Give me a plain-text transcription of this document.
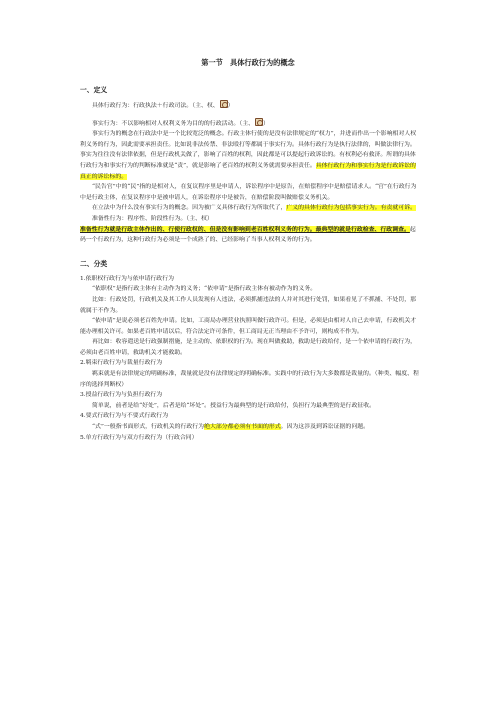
第一节　具体行政行为的概念
一、定义

具体行政行为：行政执法＋行政司法。（主、权、 ）

事实行为：不以影响相对人权利义务为目的的行政活动。（主、 ）

事实行为的概念在行政法中是一个比较宽泛的概念。行政主体行使的是没有法律规定的“权力”，并进而作出一个影响相对人权利义务的行为，因此需要承担责任。比如说非法传禁、非法殴打等都属于事实行为。具体行政行为是执行法律的，叫做法律行为。事实为往往没有法律依据，但是行政机关做了，影响了百姓的权利，因此都是可以提起行政诉讼的。有权利必有救济。所谓的具体行政行为和事实行为的判断标准就是“责”，就是影响了老百姓的权利义务就需要承担责任。具体行政行为和事实行为是行政诉讼的真正的诉讼标的。

“民告官”中的“民”指的是相对人，在复议程序里是申请人，诉讼程序中是原告，在赔偿程序中是赔偿请求人。“官”在行政行为中是行政主体，在复议程序中是被申请人，在诉讼程序中是被告，在赔偿阶段叫做赔偿义务机关。

在立法中为什么没有事实行为的概念。因为被广义具体行政行为所取代了，广义的具体行政行为包括事实行为。有责就可诉。

准备性行为：程序性、阶段性行为。（主、权）

准备性行为就是行政主体作出的、行使行政权的、但是没有影响到老百姓权利义务的行为。最典型的就是行政检查、行政调查。起码一个行政行为，这种行政行为必须是一个成熟了的、已经影响了当事人权利义务的行为。

二、分类

1.依职权行政行为与依申请行政行为

“依职权”是指行政主体有主动作为的义务；“依申请”是指行政主体有被动作为的义务。

比如：行政处罚，行政机关及其工作人员发现有人违法，必须抓捕违法的人并对其进行处罚，如果看见了不抓捕、不处罚，那就属于不作为。

“依申请”是说必须老百姓先申请。比如，工商局办理营业执照叫做行政许可。但是，必须是由相对人自己去申请，行政机关才能办理相关许可。如果老百姓申请以后，符合法定许可条件，但工商局无正当理由不予许可，则构成不作为。

再比如：收容遣送是行政强制措施，是主动的、依职权的行为。现在叫做救助，救助是行政给付，是一个依申请的行政行为，必须由老百姓申请，救助机关才能救助。

2.羁束行政行为与裁量行政行为

羁束就是有法律规定的明确标准，裁量就是没有法律规定的明确标准。实践中的行政行为大多数都是裁量的。（种类、幅度、程序的选择判断权）

3.授益行政行为与负担行政行为

简单说，前者是给“好处”，后者是给“坏处”。授益行为最典型的是行政给付，负担行为最典型的是行政征收。

4.要式行政行为与不要式行政行为

“式”一般指书面形式，行政机关的行政行为绝大部分都必须有书面的形式。因为这涉及到诉讼证据的问题。

5.单方行政行为与双方行政行为（行政合同）
